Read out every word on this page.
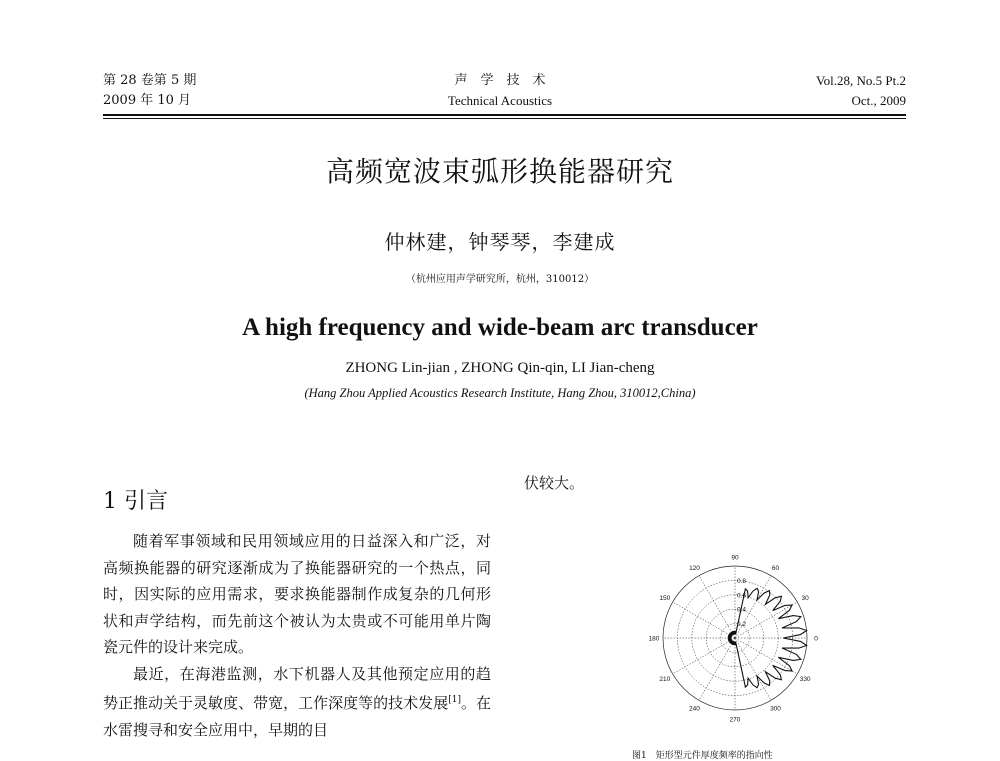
第 28 卷第 5 期
2009 年 10 月
声　学　技　术
Technical Acoustics
Vol.28, No.5 Pt.2
Oct., 2009
高频宽波束弧形换能器研究
仲林建，钟琴琴，李建成
（杭州应用声学研究所，杭州，310012）
A high frequency and wide-beam arc transducer
ZHONG Lin-jian , ZHONG Qin-qin, LI Jian-cheng
(Hang Zhou Applied Acoustics Research Institute, Hang Zhou, 310012,China)
1 引言

随着军事领域和民用领域应用的日益深入和广泛，对高频换能器的研究逐渐成为了换能器研究的一个热点，同时，因实际的应用需求，要求换能器制作成复杂的几何形状和声学结构，而先前这个被认为太贵或不可能用单片陶瓷元件的设计来完成。

最近，在海港监测，水下机器人及其他预定应用的趋势正推动关于灵敏度、带宽，工作深度等的技术发展[1]。在水雷搜寻和安全应用中，早期的目

伏较大。
90
120	60
150	30
180	0
210	330
240	300
270
0.8
0.6
0.4
0.2
图1　矩形型元件厚度频率的指向性
